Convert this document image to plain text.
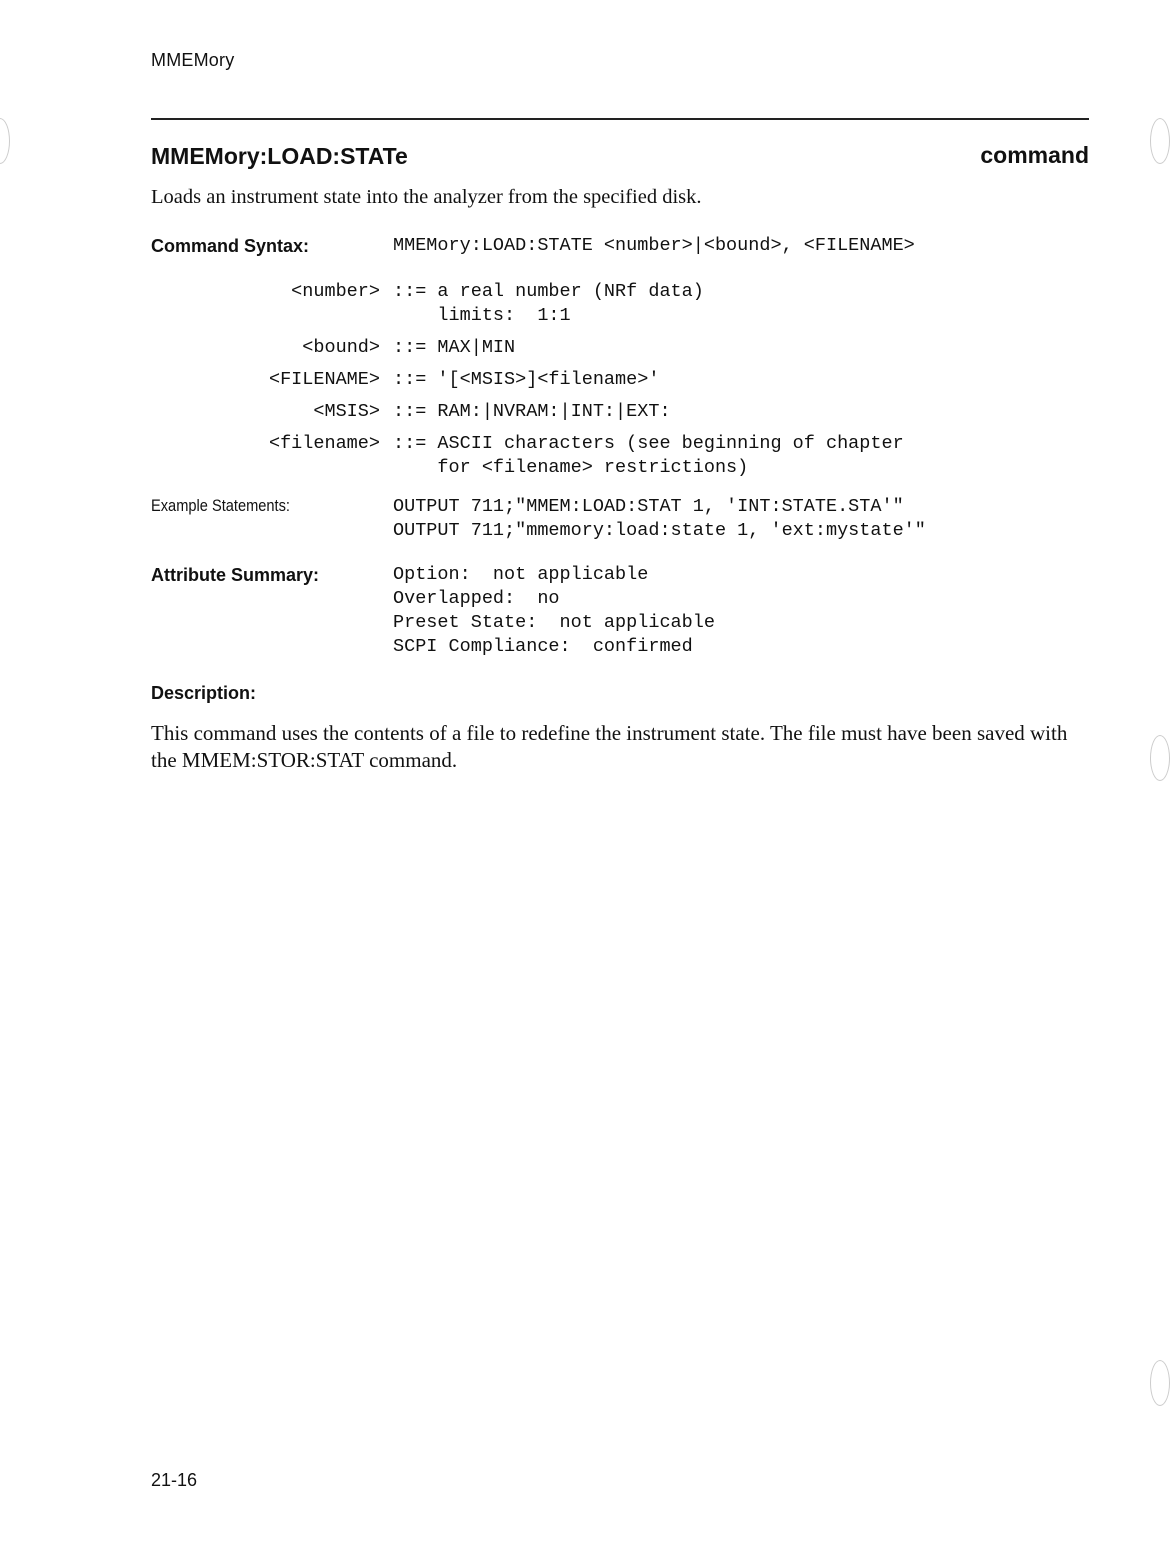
MMEMory
MMEMory:LOAD:STATe	command
Loads an instrument state into the analyzer from the specified disk.
Command Syntax:	MMEMory:LOAD:STATE <number>|<bound>, <FILENAME>
<number> ::= a real number (NRf data)
limits:  1:1
<bound> ::= MAX|MIN
<FILENAME> ::= '[<MSIS>]<filename>'
<MSIS> ::= RAM:|NVRAM:|INT:|EXT:
<filename> ::= ASCII characters (see beginning of chapter
for <filename> restrictions)
Example Statements:	OUTPUT 711;"MMEM:LOAD:STAT 1, 'INT:STATE.STA'"
OUTPUT 711;"mmemory:load:state 1, 'ext:mystate'"
Attribute Summary:	Option:  not applicable
Overlapped:  no
Preset State:  not applicable
SCPI Compliance:  confirmed
Description:
This command uses the contents of a file to redefine the instrument state. The file must have been saved with the MMEM:STOR:STAT command.
21-16
